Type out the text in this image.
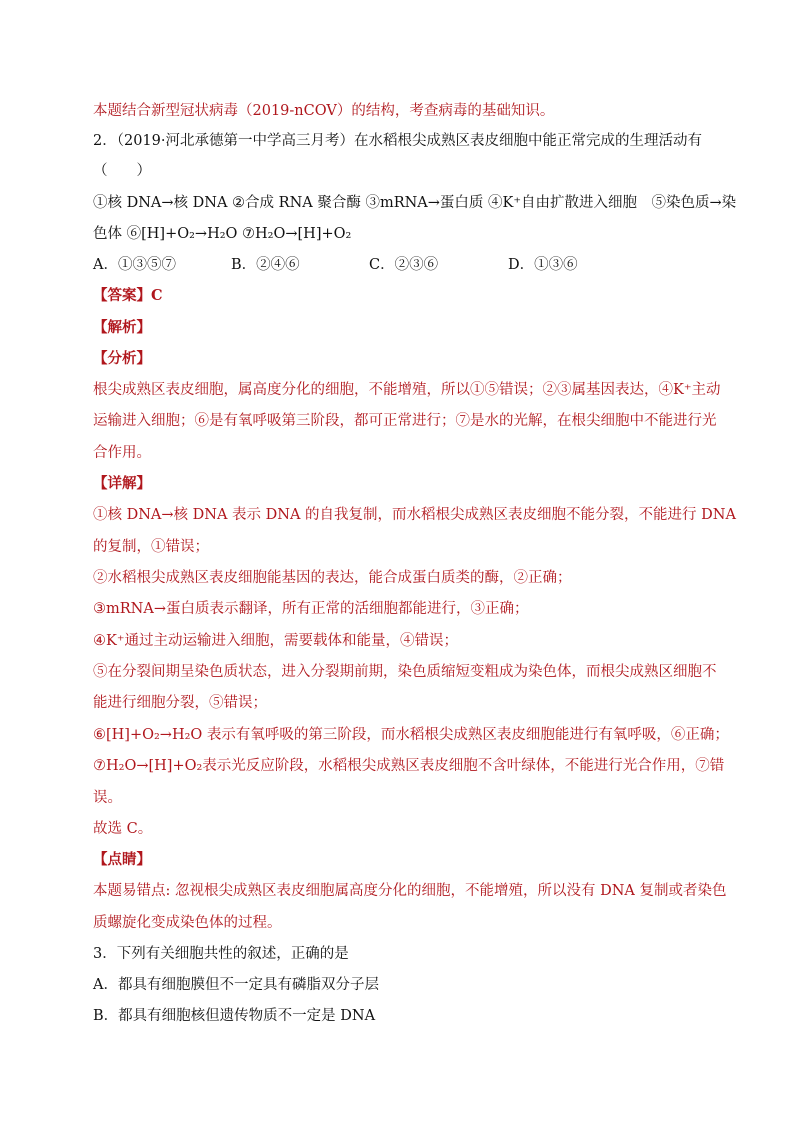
本题结合新型冠状病毒（2019-nCOV）的结构，考查病毒的基础知识。
2．（2019·河北承德第一中学高三月考）在水稻根尖成熟区表皮细胞中能正常完成的生理活动有
（　　）
①核 DNA→核 DNA ②合成 RNA 聚合酶 ③mRNA→蛋白质 ④K⁺自由扩散进入细胞　⑤染色质→染
色体 ⑥[H]+O₂→H₂O ⑦H₂O→[H]+O₂
A．①③⑤⑦	B．②④⑥	C．②③⑥	D．①③⑥
【答案】C
【解析】
【分析】
根尖成熟区表皮细胞，属高度分化的细胞，不能增殖，所以①⑤错误；②③属基因表达，④K⁺主动
运输进入细胞；⑥是有氧呼吸第三阶段，都可正常进行；⑦是水的光解，在根尖细胞中不能进行光
合作用。
【详解】
①核 DNA→核 DNA 表示 DNA 的自我复制，而水稻根尖成熟区表皮细胞不能分裂，不能进行 DNA
的复制，①错误；
②水稻根尖成熟区表皮细胞能基因的表达，能合成蛋白质类的酶，②正确；
③mRNA→蛋白质表示翻译，所有正常的活细胞都能进行，③正确；
④K⁺通过主动运输进入细胞，需要载体和能量，④错误；
⑤在分裂间期呈染色质状态，进入分裂期前期，染色质缩短变粗成为染色体，而根尖成熟区细胞不
能进行细胞分裂，⑤错误；
⑥[H]+O₂→H₂O 表示有氧呼吸的第三阶段，而水稻根尖成熟区表皮细胞能进行有氧呼吸，⑥正确；
⑦H₂O→[H]+O₂表示光反应阶段，水稻根尖成熟区表皮细胞不含叶绿体，不能进行光合作用，⑦错
误。
故选 C。
【点睛】
本题易错点: 忽视根尖成熟区表皮细胞属高度分化的细胞，不能增殖，所以没有 DNA 复制或者染色
质螺旋化变成染色体的过程。
3．下列有关细胞共性的叙述，正确的是
A．都具有细胞膜但不一定具有磷脂双分子层
B．都具有细胞核但遗传物质不一定是 DNA
